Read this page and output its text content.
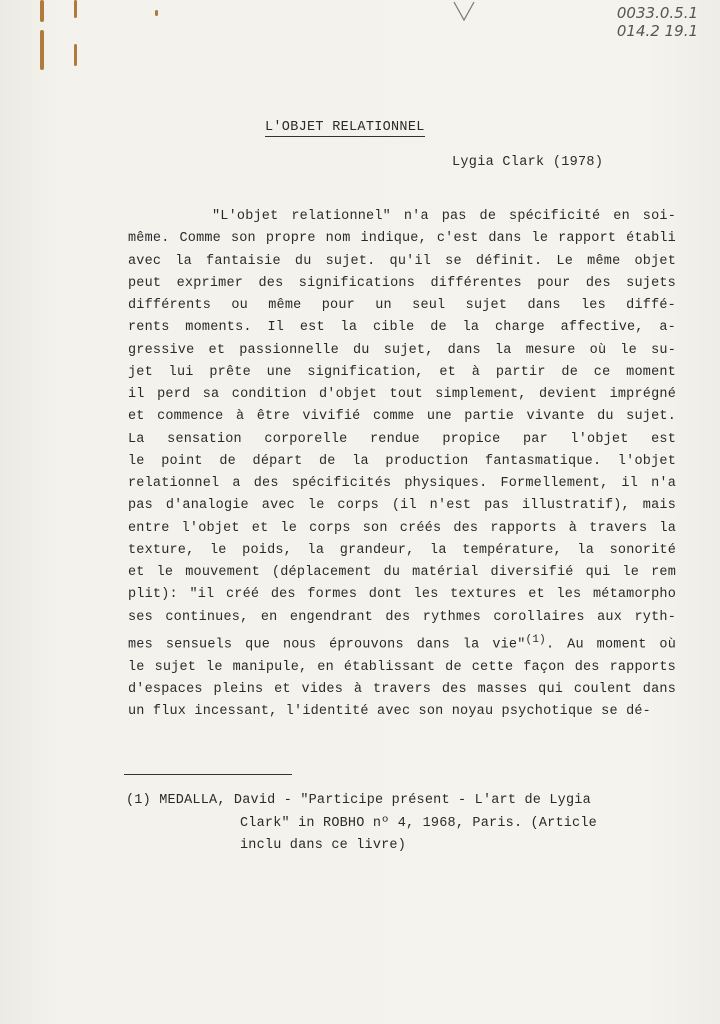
0033.0.5.1
014.2 19.1
L'OBJET RELATIONNEL
Lygia Clark (1978)
"L'objet relationnel" n'a pas de spécificité en soi-
même. Comme son propre nom indique, c'est dans le rapport établi
avec la fantaisie du sujet. qu'il se définit. Le même objet
peut exprimer des significations différentes pour des sujets
différents ou même pour un seul sujet dans les diffé-
rents moments. Il est la cible de la charge affective, a-
gressive et passionnelle du sujet, dans la mesure où le su-
jet lui prête une signification, et à partir de ce moment
il perd sa condition d'objet tout simplement, devient imprégné
et commence à être vivifié comme une partie vivante du sujet.
La sensation corporelle rendue propice par l'objet est
le point de départ de la production fantasmatique. l'objet
relationnel a des spécificités physiques. Formellement, il n'a
pas d'analogie avec le corps (il n'est pas illustratif), mais
entre l'objet et le corps son créés des rapports à travers la
texture, le poids, la grandeur, la température, la sonorité
et le mouvement (déplacement du matérial diversifié qui le rem
plit): "il créé des formes dont les textures et les métamorpho
ses continues, en engendrant des rythmes corollaires aux ryth-
mes sensuels que nous éprouvons dans la vie"$^{(1)}$. Au moment où
le sujet le manipule, en établissant de cette façon des rapports
d'espaces pleins et vides à travers des masses qui coulent dans
un flux incessant, l'identité avec son noyau psychotique se dé-
(1) MEDALLA, David - "Participe présent - L'art de Lygia
Clark" in ROBHO nº 4, 1968, Paris. (Article
inclu dans ce livre)
